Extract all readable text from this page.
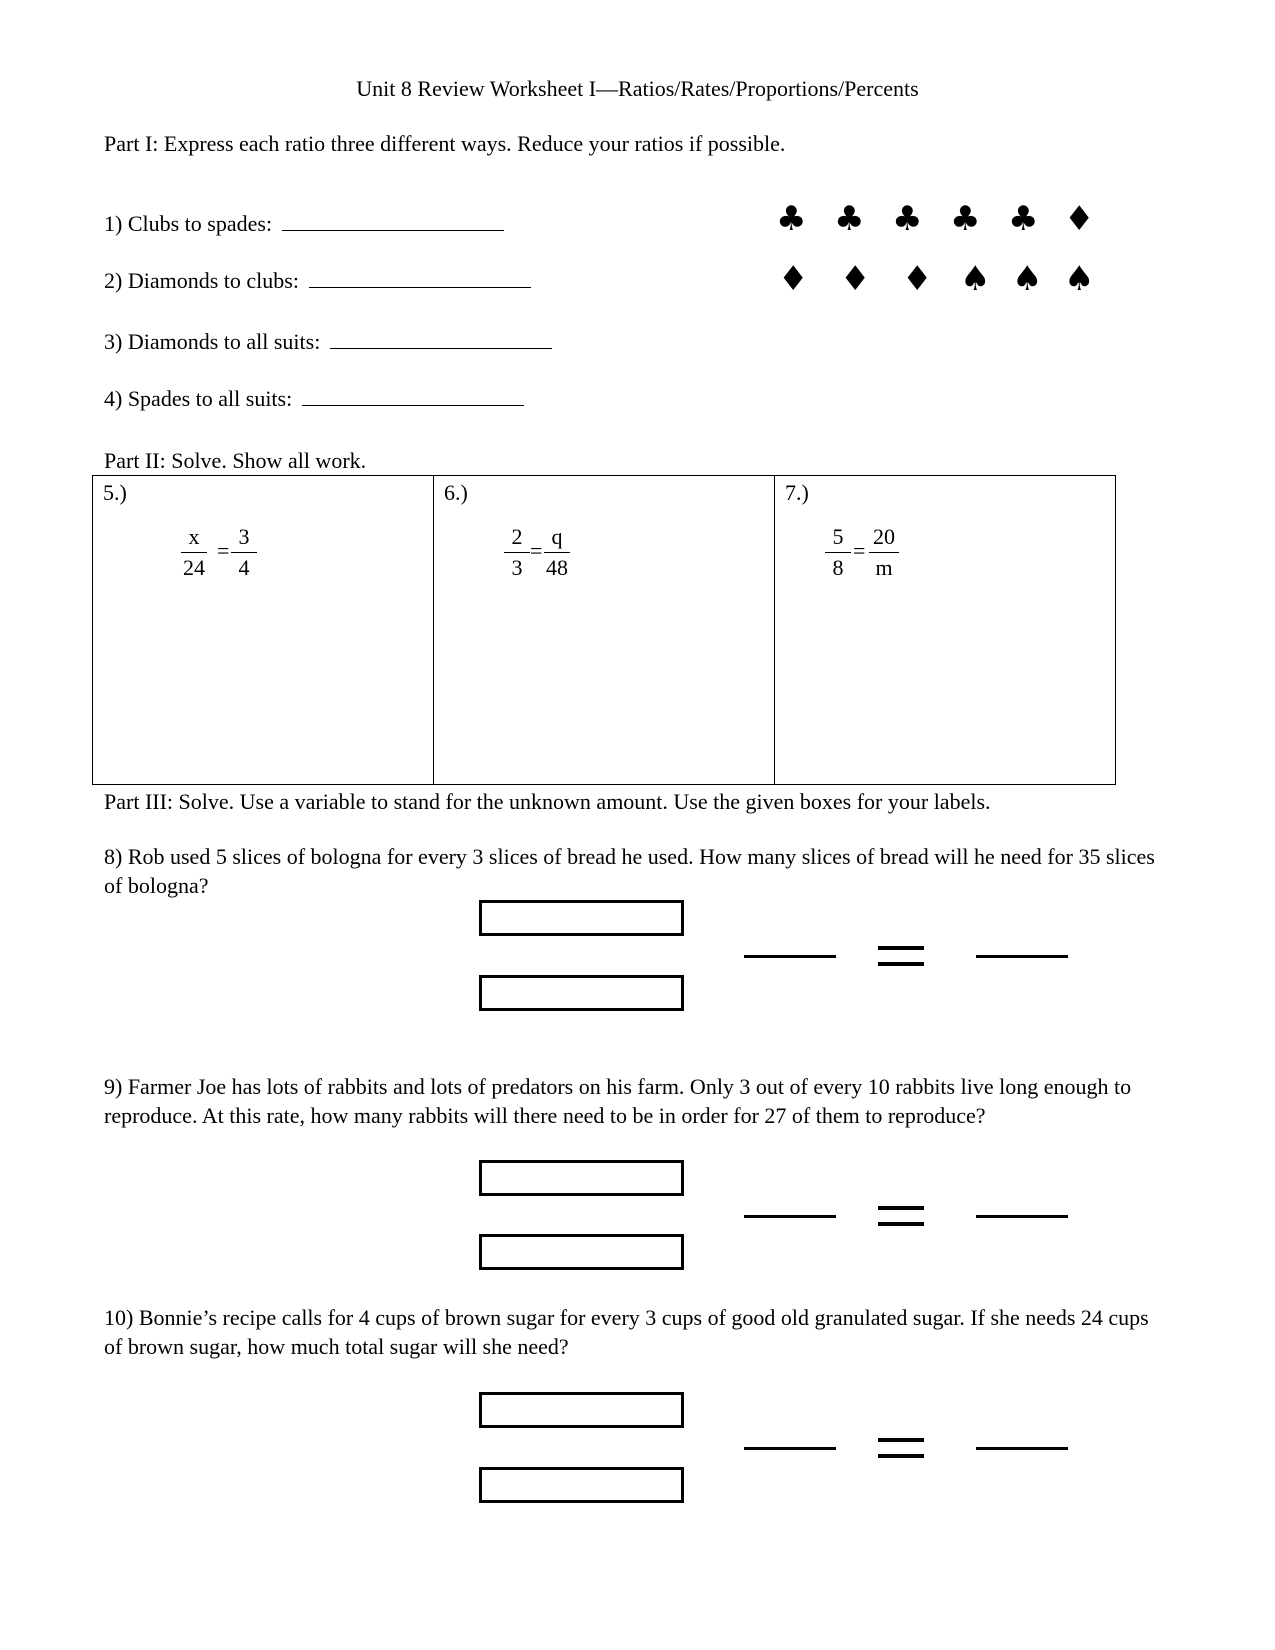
Unit 8 Review Worksheet I—Ratios/Rates/Proportions/Percents
Part I: Express each ratio three different ways. Reduce your ratios if possible.
1) Clubs to spades:
2) Diamonds to clubs:
3) Diamonds to all suits:
4) Spades to all suits:
♣ ♣ ♣ ♣ ♣ ♦
♦ ♦ ♦ ♠ ♠ ♠
Part II: Solve. Show all work.
5.)
$\frac{x}{24} = \frac{3}{4}$
6.)
$\frac{2}{3} = \frac{q}{48}$
7.)
$\frac{5}{8} = \frac{20}{m}$
Part III: Solve. Use a variable to stand for the unknown amount. Use the given boxes for your labels.
8) Rob used 5 slices of bologna for every 3 slices of bread he used. How many slices of bread will he need for 35 slices of bologna?
9) Farmer Joe has lots of rabbits and lots of predators on his farm. Only 3 out of every 10 rabbits live long enough to reproduce. At this rate, how many rabbits will there need to be in order for 27 of them to reproduce?
10) Bonnie’s recipe calls for 4 cups of brown sugar for every 3 cups of good old granulated sugar. If she needs 24 cups of brown sugar, how much total sugar will she need?
